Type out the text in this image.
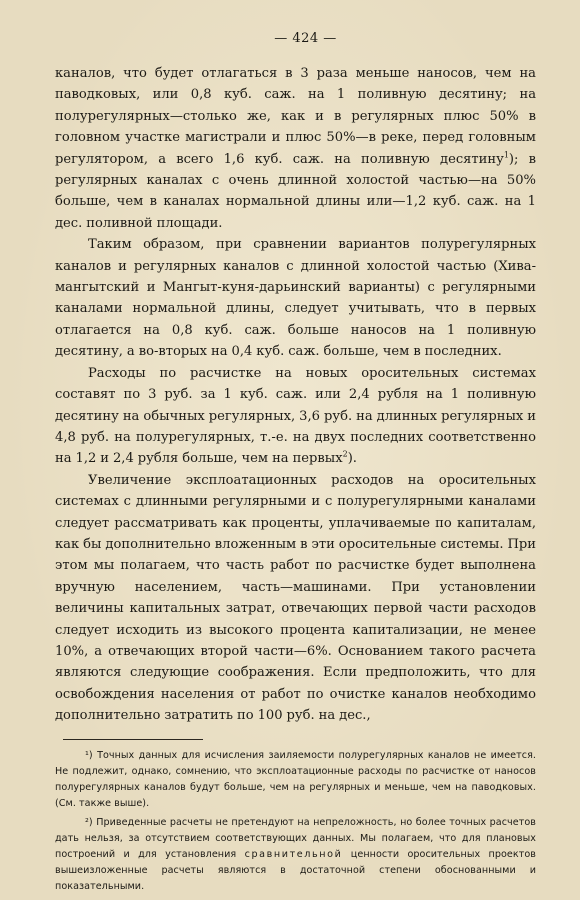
— 424 —

каналов, что будет отлагаться в 3 раза меньше наносов, чем на паводковых, или 0,8 куб. саж. на 1 поливную десятину; на полурегулярных—столько же, как и в регулярных плюс 50% в головном участке магистрали и плюс 50%—в реке, перед головным регулятором, а всего 1,6 куб. саж. на поливную десятину$^1$); в регулярных каналах с очень длинной холостой частью—на 50% больше, чем в каналах нормальной длины или—1,2 куб. саж. на 1 дес. поливной площади.

Таким образом, при сравнении вариантов полурегулярных каналов и регулярных каналов с длинной холостой частью (Хива-мангытский и Мангыт-куня-дарьинский варианты) с регулярными каналами нормальной длины, следует учитывать, что в первых отлагается на 0,8 куб. саж. больше наносов на 1 поливную десятину, а во-вторых на 0,4 куб. саж. больше, чем в последних.

Расходы по расчистке на новых оросительных системах составят по 3 руб. за 1 куб. саж. или 2,4 рубля на 1 поливную десятину на обычных регулярных, 3,6 руб. на длинных регулярных и 4,8 руб. на полурегулярных, т.-е. на двух последних соответственно на 1,2 и 2,4 рубля больше, чем на первых$^2$).

Увеличение эксплоатационных расходов на оросительных системах с длинными регулярными и с полурегулярными каналами следует рассматривать как проценты, уплачиваемые по капиталам, как бы дополнительно вложенным в эти оросительные системы. При этом мы полагаем, что часть работ по расчистке будет выполнена вручную населением, часть—машинами. При установлении величины капитальных затрат, отвечающих первой части расходов следует исходить из высокого процента капитализации, не менее 10%, а отвечающих второй части—6%. Основанием такого расчета являются следующие соображения. Если предположить, что для освобождения населения от работ по очистке каналов необходимо дополнительно затратить по 100 руб. на дес.,

¹) Точных данных для исчисления заиляемости полурегулярных каналов не имеется. Не подлежит, однако, сомнению, что эксплоатационные расходы по расчистке от наносов полурегулярных каналов будут больше, чем на регулярных и меньше, чем на паводковых. (См. также выше).

²) Приведенные расчеты не претендуют на непреложность, но более точных расчетов дать нельзя, за отсутствием соответствующих данных. Мы полагаем, что для плановых построений и для установления сравнительной ценности оросительных проектов вышеизложенные расчеты являются в достаточной степени обоснованными и показательными.
